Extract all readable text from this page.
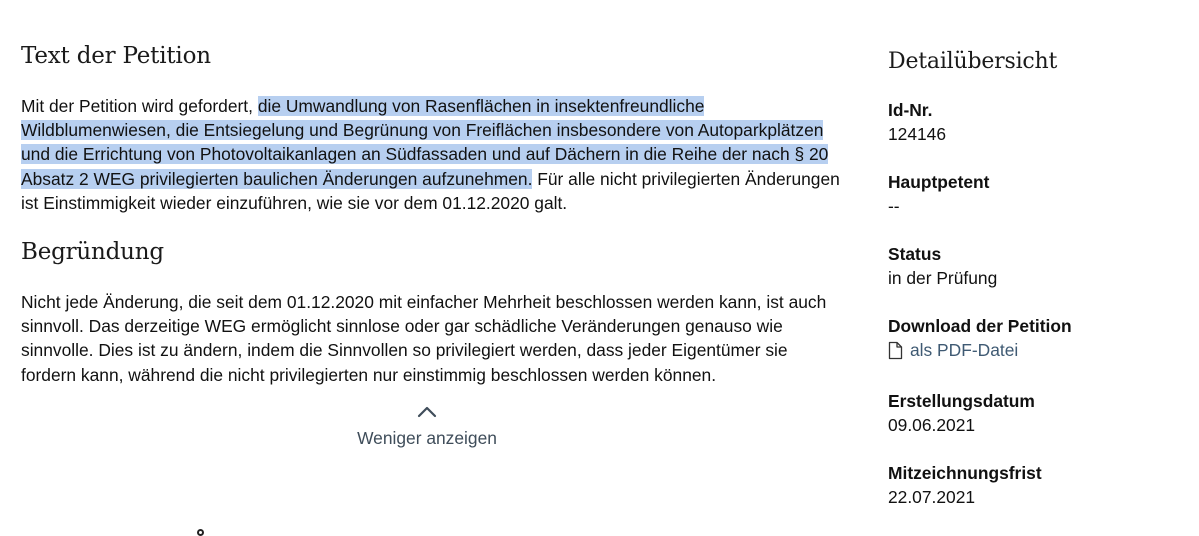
Text der Petition

Mit der Petition wird gefordert, die Umwandlung von Rasenflächen in insektenfreundliche Wildblumenwiesen, die Entsiegelung und Begrünung von Freiflächen insbesondere von Autoparkplätzen und die Errichtung von Photovoltaikanlagen an Südfassaden und auf Dächern in die Reihe der nach § 20 Absatz 2 WEG privilegierten baulichen Änderungen aufzunehmen. Für alle nicht privilegierten Änderungen ist Einstimmigkeit wieder einzuführen, wie sie vor dem 01.12.2020 galt.

Begründung

Nicht jede Änderung, die seit dem 01.12.2020 mit einfacher Mehrheit beschlossen werden kann, ist auch sinnvoll. Das derzeitige WEG ermöglicht sinnlose oder gar schädliche Veränderungen genauso wie sinnvolle. Dies ist zu ändern, indem die Sinnvollen so privilegiert werden, dass jeder Eigentümer sie fordern kann, während die nicht privilegierten nur einstimmig beschlossen werden können.

Weniger anzeigen
Detailübersicht
Id-Nr.
124146
Hauptpetent
--
Status
in der Prüfung
Download der Petition
als PDF-Datei
Erstellungsdatum
09.06.2021
Mitzeichnungsfrist
22.07.2021
